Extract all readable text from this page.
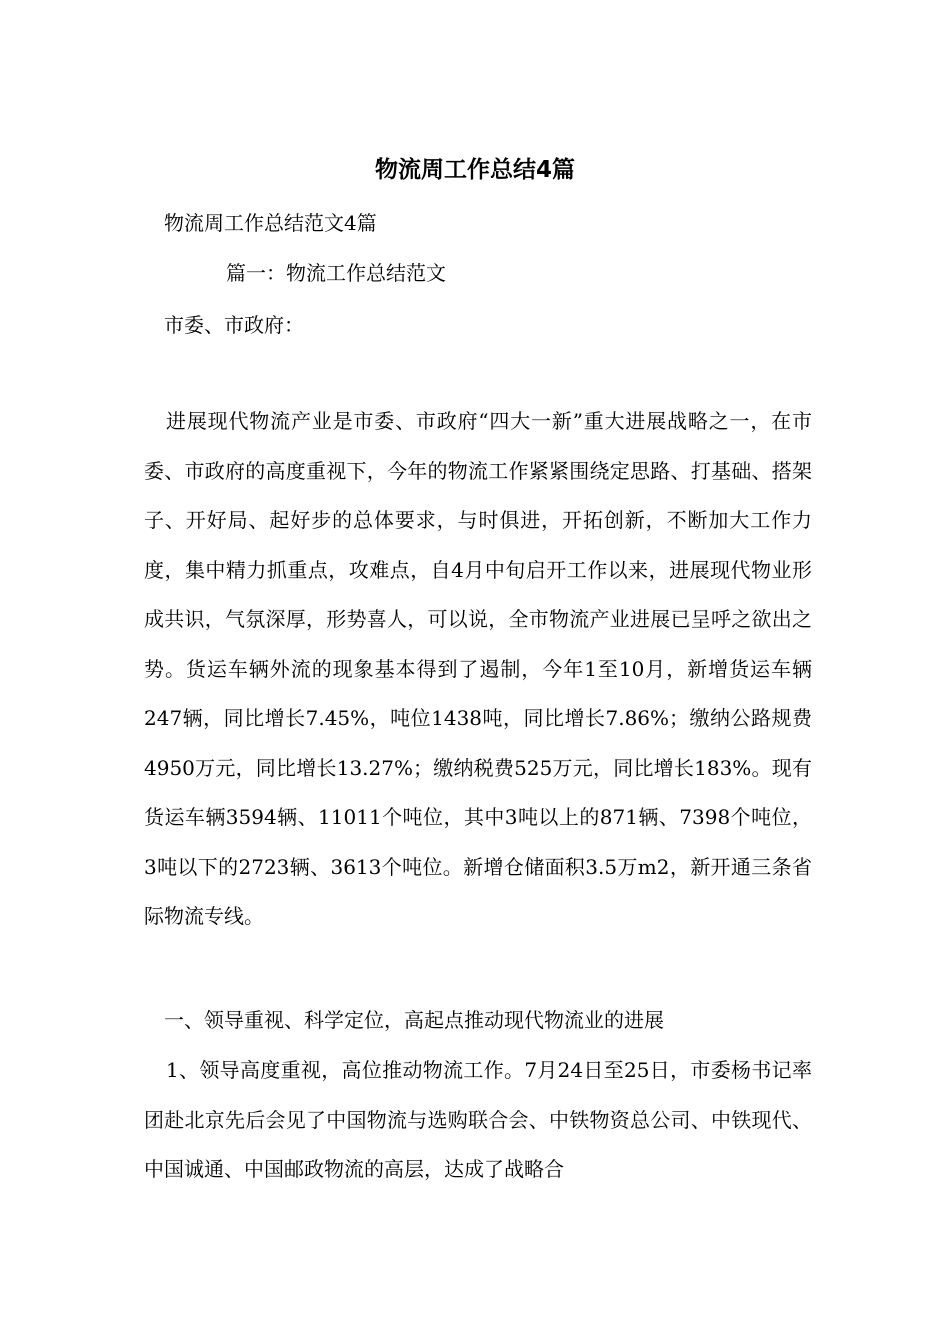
物流周工作总结4篇
物流周工作总结范文4篇
篇一：物流工作总结范文
市委、市政府：

进展现代物流产业是市委、市政府“四大一新”重大进展战略之一，在市委、市政府的高度重视下，今年的物流工作紧紧围绕定思路、打基础、搭架子、开好局、起好步的总体要求，与时俱进，开拓创新，不断加大工作力度，集中精力抓重点，攻难点，自4月中旬启开工作以来，进展现代物业形成共识，气氛深厚，形势喜人，可以说，全市物流产业进展已呈呼之欲出之势。货运车辆外流的现象基本得到了遏制，今年1至10月，新增货运车辆247辆，同比增长7.45%，吨位1438吨，同比增长7.86%；缴纳公路规费4950万元，同比增长13.27%；缴纳税费525万元，同比增长183%。现有货运车辆3594辆、11011个吨位，其中3吨以上的871辆、7398个吨位，3吨以下的2723辆、3613个吨位。新增仓储面积3.5万m2，新开通三条省际物流专线。

一、领导重视、科学定位，高起点推动现代物流业的进展

1、领导高度重视，高位推动物流工作。7月24日至25日，市委杨书记率团赴北京先后会见了中国物流与选购联合会、中铁物资总公司、中铁现代、中国诚通、中国邮政物流的高层，达成了战略合
